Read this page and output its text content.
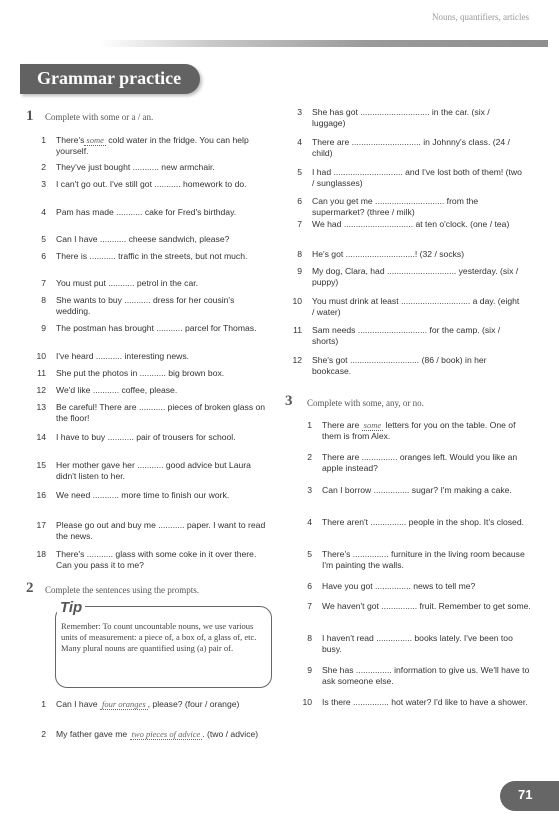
Nouns, quantifiers, articles
Grammar practice
1 Complete with some or a / an.
1 There's some cold water in the fridge. You can help yourself.
2 They've just bought ........... new armchair.
3 I can't go out. I've still got ........... homework to do.
4 Pam has made ........... cake for Fred's birthday.
5 Can I have ........... cheese sandwich, please?
6 There is ........... traffic in the streets, but not much.
7 You must put ........... petrol in the car.
8 She wants to buy ........... dress for her cousin's wedding.
9 The postman has brought ........... parcel for Thomas.
10 I've heard ........... interesting news.
11 She put the photos in ........... big brown box.
12 We'd like ........... coffee, please.
13 Be careful! There are ........... pieces of broken glass on the floor!
14 I have to buy ........... pair of trousers for school.
15 Her mother gave her ........... good advice but Laura didn't listen to her.
16 We need ........... more time to finish our work.
17 Please go out and buy me ........... paper. I want to read the news.
18 There's ........... glass with some coke in it over there. Can you pass it to me?
2 Complete the sentences using the prompts.
Tip
Remember: To count uncountable nouns, we use various units of measurement: a piece of, a box of, a glass of, etc. Many plural nouns are quantified using (a) pair of.
1 Can I have four oranges , please? (four / orange)
2 My father gave me two pieces of advice . (two / advice)
3 She has got ............................. in the car. (six / luggage)
4 There are ............................. in Johnny's class. (24 / child)
5 I had ............................. and I've lost both of them! (two / sunglasses)
6 Can you get me ............................. from the supermarket? (three / milk)
7 We had ............................. at ten o'clock. (one / tea)
8 He's got .............................! (32 / socks)
9 My dog, Clara, had ............................. yesterday. (six / puppy)
10 You must drink at least ............................. a day. (eight / water)
11 Sam needs ............................. for the camp. (six / shorts)
12 She's got ............................. (86 / book) in her bookcase.
3 Complete with some, any, or no.
1 There are some letters for you on the table. One of them is from Alex.
2 There are ............... oranges left. Would you like an apple instead?
3 Can I borrow ............... sugar? I'm making a cake.
4 There aren't ............... people in the shop. It's closed.
5 There's ............... furniture in the living room because I'm painting the walls.
6 Have you got ............... news to tell me?
7 We haven't got ............... fruit. Remember to get some.
8 I haven't read ............... books lately. I've been too busy.
9 She has ............... information to give us. We'll have to ask someone else.
10 Is there ............... hot water? I'd like to have a shower.
71
